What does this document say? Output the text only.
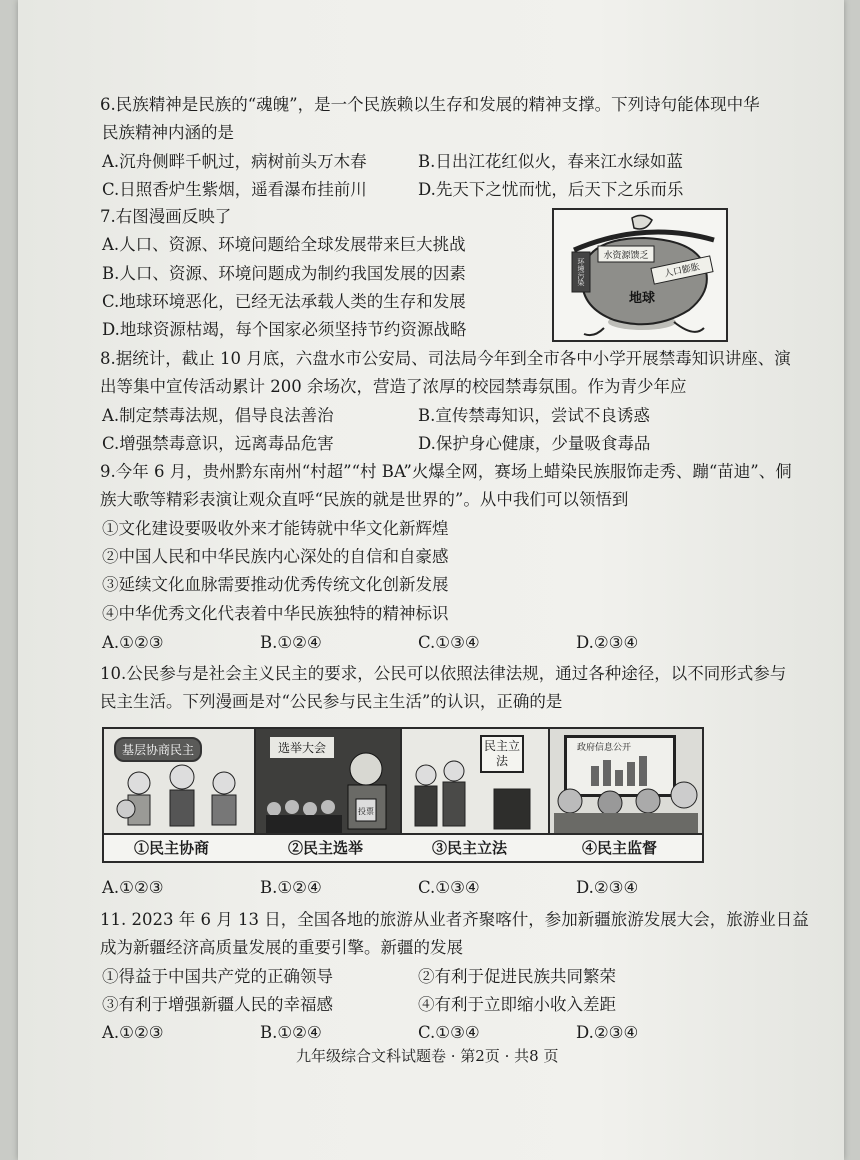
6.民族精神是民族的“魂魄”，是一个民族赖以生存和发展的精神支撑。下列诗句能体现中华
民族精神内涵的是
A.沉舟侧畔千帆过，病树前头万木春	B.日出江花红似火，春来江水绿如蓝
C.日照香炉生紫烟，遥看瀑布挂前川	D.先天下之忧而忧，后天下之乐而乐
7.右图漫画反映了
A.人口、资源、环境问题给全球发展带来巨大挑战
B.人口、资源、环境问题成为制约我国发展的因素
C.地球环境恶化，已经无法承载人类的生存和发展
D.地球资源枯竭，每个国家必须坚持节约资源战略
水资源馈乏
人口膨胀
环境污染
地球
8.据统计，截止 10 月底，六盘水市公安局、司法局今年到全市各中小学开展禁毒知识讲座、演
出等集中宣传活动累计 200 余场次，营造了浓厚的校园禁毒氛围。作为青少年应
A.制定禁毒法规，倡导良法善治	B.宣传禁毒知识，尝试不良诱惑
C.增强禁毒意识，远离毒品危害	D.保护身心健康，少量吸食毒品
9.今年 6 月，贵州黔东南州“村超”“村 BA”火爆全网，赛场上蜡染民族服饰走秀、蹦“苗迪”、侗
族大歌等精彩表演让观众直呼“民族的就是世界的”。从中我们可以领悟到
①文化建设要吸收外来才能铸就中华文化新辉煌
②中国人民和中华民族内心深处的自信和自豪感
③延续文化血脉需要推动优秀传统文化创新发展
④中华优秀文化代表着中华民族独特的精神标识
A.①②③	B.①②④	C.①③④	D.②③④
10.公民参与是社会主义民主的要求，公民可以依照法律法规，通过各种途径，以不同形式参与
民主生活。下列漫画是对“公民参与民主生活”的认识，正确的是
基层协商民主	选举大会
投票
民主立法
政府信息公开
①民主协商	②民主选举	③民主立法	④民主监督
A.①②③	B.①②④	C.①③④	D.②③④
11. 2023 年 6 月 13 日，全国各地的旅游从业者齐聚喀什，参加新疆旅游发展大会，旅游业日益
成为新疆经济高质量发展的重要引擎。新疆的发展
①得益于中国共产党的正确领导	②有利于促进民族共同繁荣
③有利于增强新疆人民的幸福感	④有利于立即缩小收入差距
A.①②③	B.①②④	C.①③④	D.②③④
九年级综合文科试题卷 · 第2页 · 共8 页
